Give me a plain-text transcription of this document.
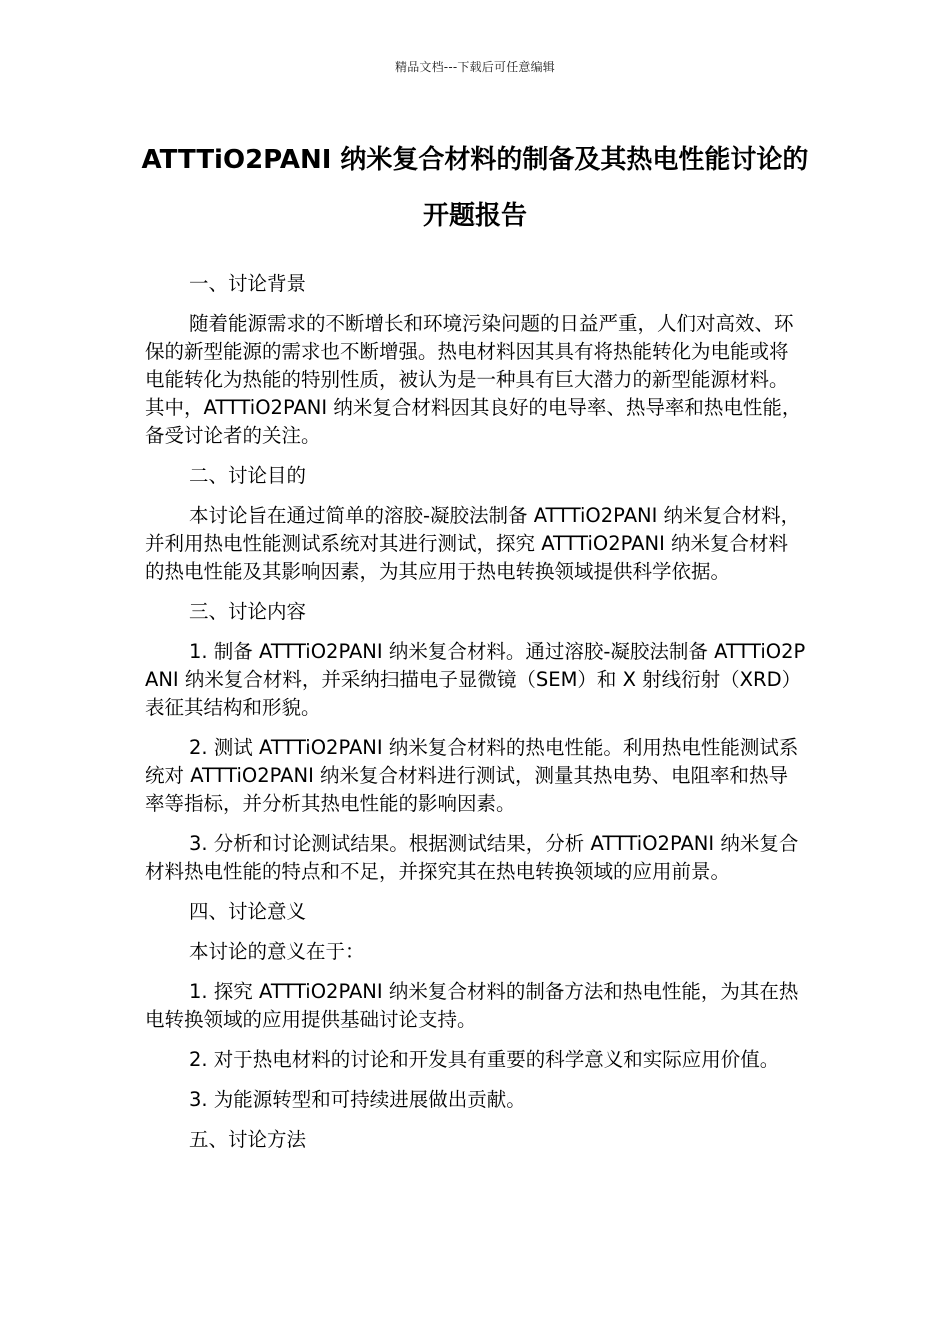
精品文档---下载后可任意编辑
ATTTiO2PANI 纳米复合材料的制备及其热电性能讨论的开题报告

一、讨论背景

随着能源需求的不断增长和环境污染问题的日益严重，人们对高效、环保的新型能源的需求也不断增强。热电材料因其具有将热能转化为电能或将电能转化为热能的特别性质，被认为是一种具有巨大潜力的新型能源材料。其中，ATTTiO2PANI 纳米复合材料因其良好的电导率、热导率和热电性能，备受讨论者的关注。

二、讨论目的

本讨论旨在通过简单的溶胶-凝胶法制备 ATTTiO2PANI 纳米复合材料，并利用热电性能测试系统对其进行测试，探究 ATTTiO2PANI 纳米复合材料的热电性能及其影响因素，为其应用于热电转换领域提供科学依据。

三、讨论内容

1. 制备 ATTTiO2PANI 纳米复合材料。通过溶胶-凝胶法制备 ATTTiO2PANI 纳米复合材料，并采纳扫描电子显微镜（SEM）和 X 射线衍射（XRD）表征其结构和形貌。

2. 测试 ATTTiO2PANI 纳米复合材料的热电性能。利用热电性能测试系统对 ATTTiO2PANI 纳米复合材料进行测试，测量其热电势、电阻率和热导率等指标，并分析其热电性能的影响因素。

3. 分析和讨论测试结果。根据测试结果，分析 ATTTiO2PANI 纳米复合材料热电性能的特点和不足，并探究其在热电转换领域的应用前景。

四、讨论意义

本讨论的意义在于：

1. 探究 ATTTiO2PANI 纳米复合材料的制备方法和热电性能，为其在热电转换领域的应用提供基础讨论支持。

2. 对于热电材料的讨论和开发具有重要的科学意义和实际应用价值。

3. 为能源转型和可持续进展做出贡献。

五、讨论方法
